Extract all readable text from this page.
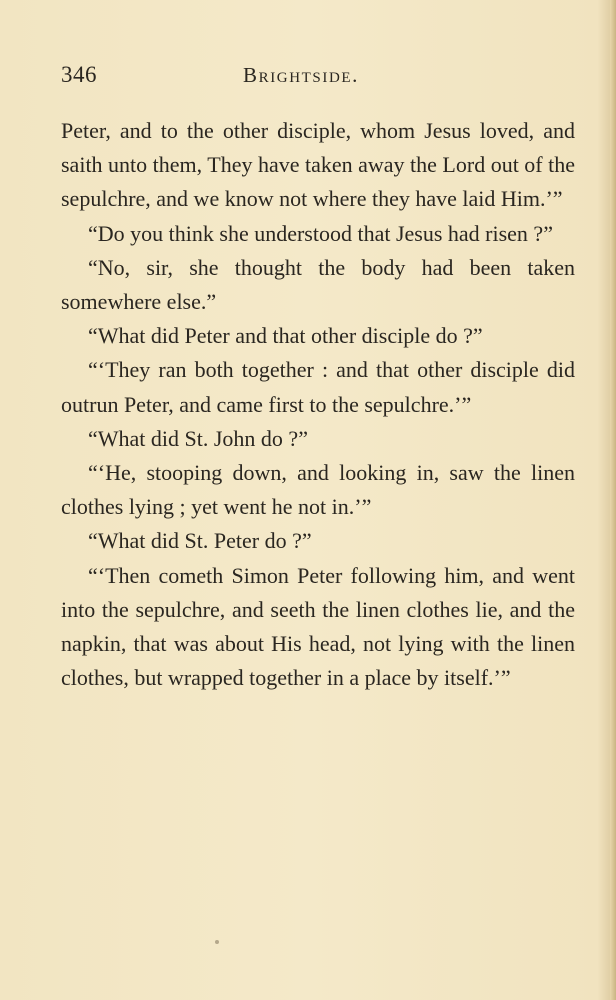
346	Brightside.

Peter, and to the other disciple, whom Jesus loved, and saith unto them, They have taken away the Lord out of the sepulchre, and we know not where they have laid Him.’”

“Do you think she understood that Jesus had risen ?”

“No, sir, she thought the body had been taken somewhere else.”

“What did Peter and that other disciple do ?”

“‘They ran both together : and that other disciple did outrun Peter, and came first to the sepulchre.’”

“What did St. John do ?”

“‘He, stooping down, and looking in, saw the linen clothes lying ; yet went he not in.’”

“What did St. Peter do ?”

“‘Then cometh Simon Peter following him, and went into the sepulchre, and seeth the linen clothes lie, and the napkin, that was about His head, not lying with the linen clothes, but wrapped together in a place by itself.’”
